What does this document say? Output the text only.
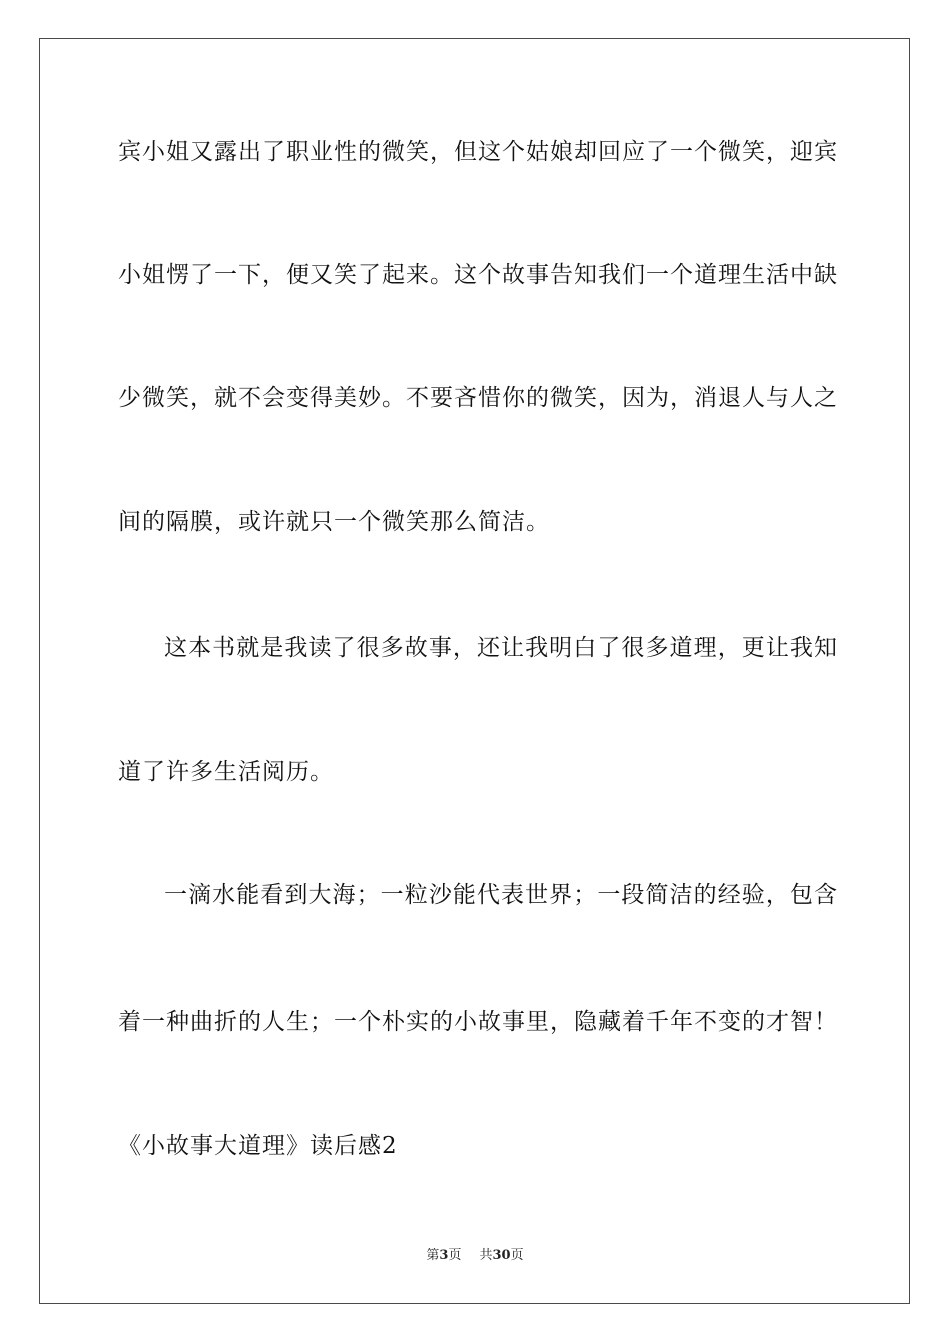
宾小姐又露出了职业性的微笑，但这个姑娘却回应了一个微笑，迎宾
小姐愣了一下，便又笑了起来。这个故事告知我们一个道理生活中缺
少微笑，就不会变得美妙。不要吝惜你的微笑，因为，消退人与人之
间的隔膜，或许就只一个微笑那么简洁。
这本书就是我读了很多故事，还让我明白了很多道理，更让我知
道了许多生活阅历。
一滴水能看到大海；一粒沙能代表世界；一段简洁的经验，包含
着一种曲折的人生；一个朴实的小故事里，隐藏着千年不变的才智！
《小故事大道理》读后感2
第3页 共30页
